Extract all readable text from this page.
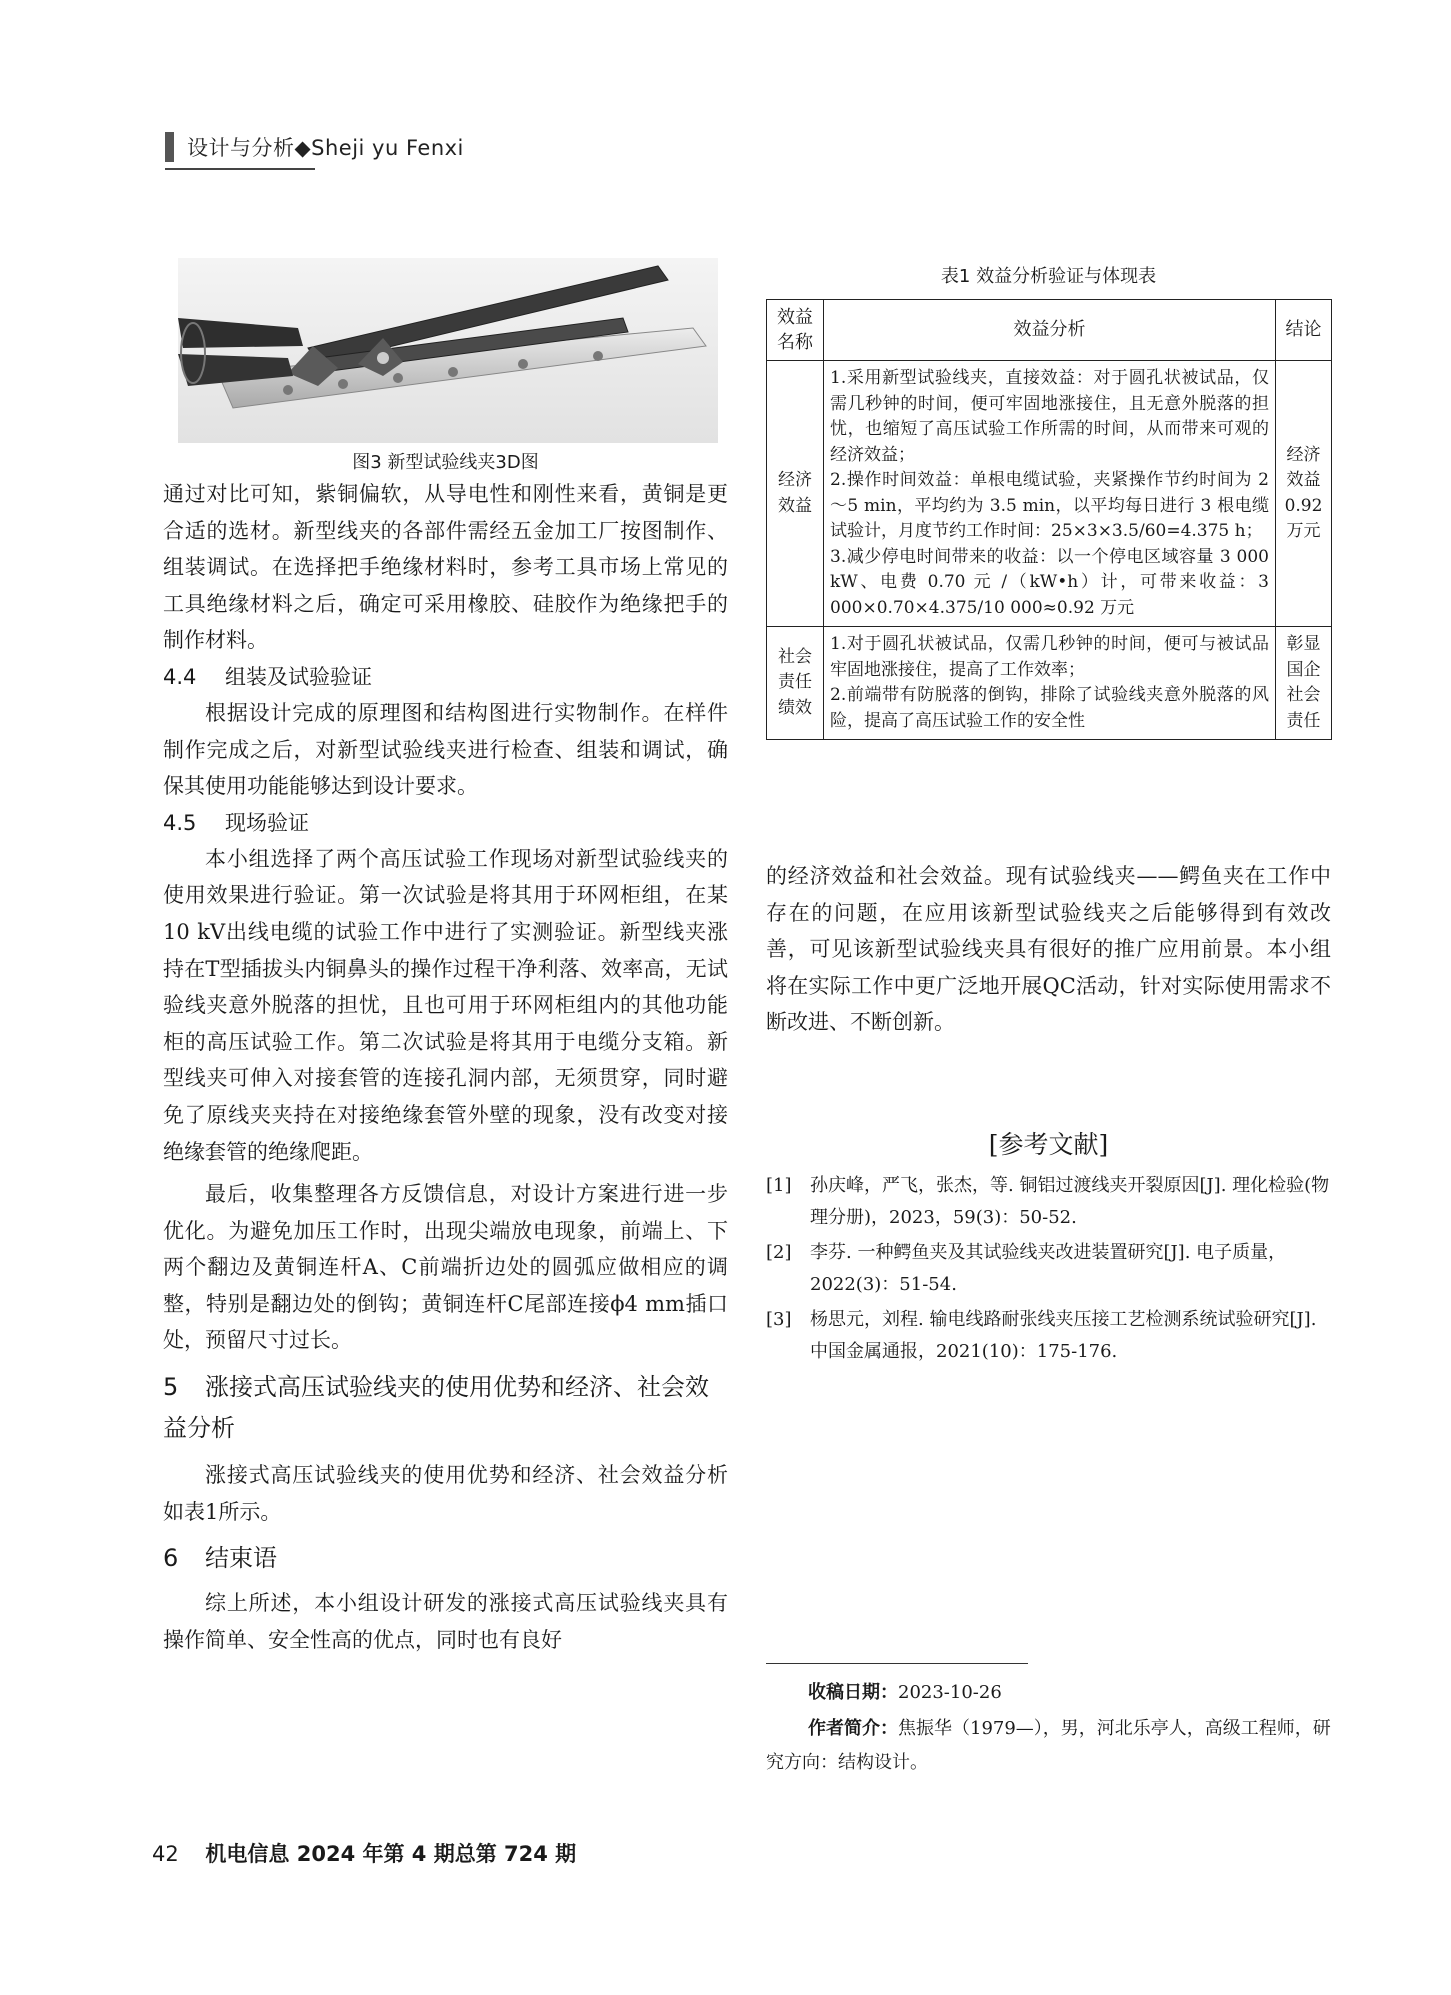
设计与分析◆Sheji yu Fenxi
图3 新型试验线夹3D图

通过对比可知，紫铜偏软，从导电性和刚性来看，黄铜是更合适的选材。新型线夹的各部件需经五金加工厂按图制作、组装调试。在选择把手绝缘材料时，参考工具市场上常见的工具绝缘材料之后，确定可采用橡胶、硅胶作为绝缘把手的制作材料。

4.4 组装及试验验证

根据设计完成的原理图和结构图进行实物制作。在样件制作完成之后，对新型试验线夹进行检查、组装和调试，确保其使用功能能够达到设计要求。

4.5 现场验证

本小组选择了两个高压试验工作现场对新型试验线夹的使用效果进行验证。第一次试验是将其用于环网柜组，在某10 kV出线电缆的试验工作中进行了实测验证。新型线夹涨持在T型插拔头内铜鼻头的操作过程干净利落、效率高，无试验线夹意外脱落的担忧，且也可用于环网柜组内的其他功能柜的高压试验工作。第二次试验是将其用于电缆分支箱。新型线夹可伸入对接套管的连接孔洞内部，无须贯穿，同时避免了原线夹夹持在对接绝缘套管外壁的现象，没有改变对接绝缘套管的绝缘爬距。

最后，收集整理各方反馈信息，对设计方案进行进一步优化。为避免加压工作时，出现尖端放电现象，前端上、下两个翻边及黄铜连杆A、C前端折边处的圆弧应做相应的调整，特别是翻边处的倒钩；黄铜连杆C尾部连接ϕ4 mm插口处，预留尺寸过长。

5 涨接式高压试验线夹的使用优势和经济、社会效益分析

涨接式高压试验线夹的使用优势和经济、社会效益分析如表1所示。

6 结束语

综上所述，本小组设计研发的涨接式高压试验线夹具有操作简单、安全性高的优点，同时也有良好

表1 效益分析验证与体现表
效益名称	效益分析	结论
经济效益	1.采用新型试验线夹，直接效益：对于圆孔状被试品，仅需几秒钟的时间，便可牢固地涨接住，且无意外脱落的担忧，也缩短了高压试验工作所需的时间，从而带来可观的经济效益；
2.操作时间效益：单根电缆试验，夹紧操作节约时间为 2～5 min，平均约为 3.5 min，以平均每日进行 3 根电缆试验计，月度节约工作时间：25×3×3.5/60=4.375 h；
3.减少停电时间带来的收益：以一个停电区域容量 3 000 kW、电费 0.70 元 /（kW•h）计，可带来收益：3 000×0.70×4.375/10 000≈0.92 万元	经济效益0.92万元
社会责任绩效	1.对于圆孔状被试品，仅需几秒钟的时间，便可与被试品牢固地涨接住，提高了工作效率；
2.前端带有防脱落的倒钩，排除了试验线夹意外脱落的风险，提高了高压试验工作的安全性	彰显国企社会责任

的经济效益和社会效益。现有试验线夹——鳄鱼夹在工作中存在的问题，在应用该新型试验线夹之后能够得到有效改善，可见该新型试验线夹具有很好的推广应用前景。本小组将在实际工作中更广泛地开展QC活动，针对实际使用需求不断改进、不断创新。

[参考文献]
[1] 孙庆峰，严飞，张杰，等. 铜铝过渡线夹开裂原因[J]. 理化检验(物理分册)，2023，59(3)：50-52.
[2] 李芬. 一种鳄鱼夹及其试验线夹改进装置研究[J]. 电子质量，2022(3)：51-54.
[3] 杨思元，刘程. 输电线路耐张线夹压接工艺检测系统试验研究[J]. 中国金属通报，2021(10)：175-176.
收稿日期：2023-10-26
作者简介：焦振华（1979—），男，河北乐亭人，高级工程师，研究方向：结构设计。
42 机电信息 2024 年第 4 期总第 724 期
